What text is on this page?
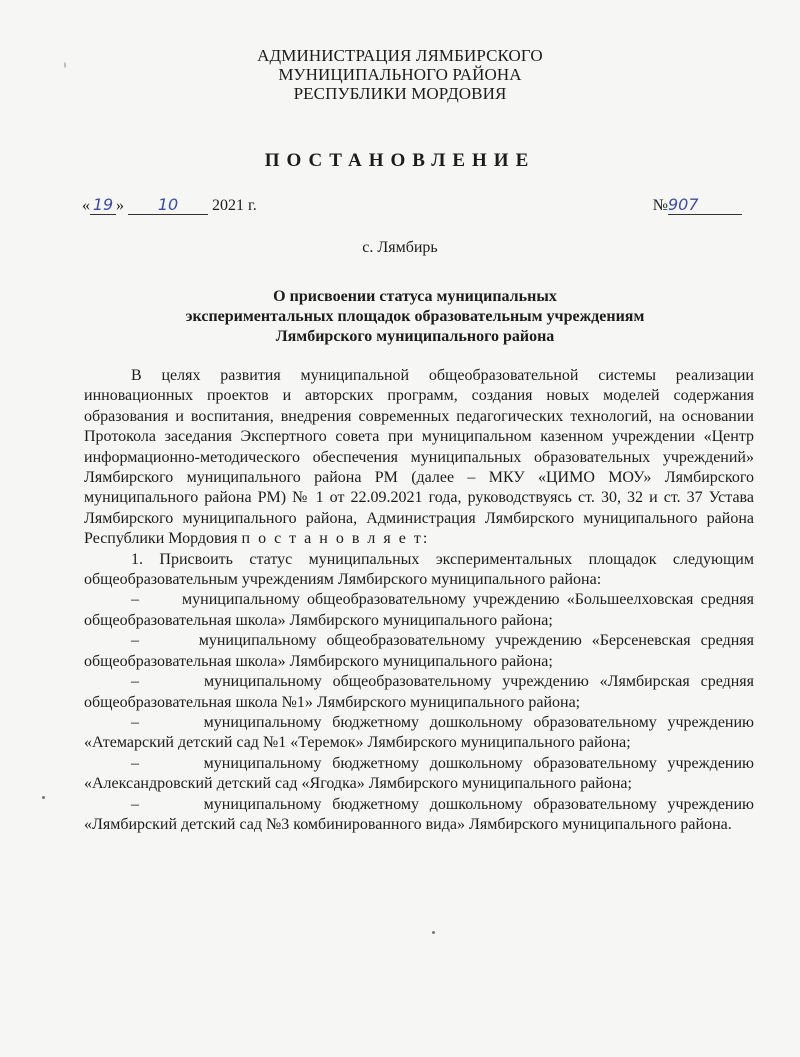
АДМИНИСТРАЦИЯ ЛЯМБИРСКОГО
МУНИЦИПАЛЬНОГО РАЙОНА
РЕСПУБЛИКИ МОРДОВИЯ
ПОСТАНОВЛЕНИЕ
« 19 » 10 2021 г.	№907
с. Лямбирь
О присвоении статуса муниципальных
экспериментальных площадок образовательным учреждениям
Лямбирского муниципального района

В целях развития муниципальной общеобразовательной системы реализации инновационных проектов и авторских программ, создания новых моделей содержания образования и воспитания, внедрения современных педагогических технологий, на основании Протокола заседания Экспертного совета при муниципальном казенном учреждении «Центр информационно-методического обеспечения муниципальных образовательных учреждений» Лямбирского муниципального района РМ (далее – МКУ «ЦИМО МОУ» Лямбирского муниципального района РМ) № 1 от 22.09.2021 года, руководствуясь ст. 30, 32 и ст. 37 Устава Лямбирского муниципального района, Администрация Лямбирского муниципального района Республики Мордовия п о с т а н о в л я е т:

1. Присвоить статус муниципальных экспериментальных площадок следующим общеобразовательным учреждениям Лямбирского муниципального района:

–      муниципальному общеобразовательному учреждению «Большеелховская средняя общеобразовательная школа» Лямбирского муниципального района;

–      муниципальному общеобразовательному учреждению «Берсеневская средняя общеобразовательная школа» Лямбирского муниципального района;

–      муниципальному общеобразовательному учреждению «Лямбирская средняя общеобразовательная школа №1» Лямбирского муниципального района;

–      муниципальному бюджетному дошкольному образовательному учреждению «Атемарский детский сад №1 «Теремок» Лямбирского муниципального района;

–      муниципальному бюджетному дошкольному образовательному учреждению «Александровский детский сад «Ягодка» Лямбирского муниципального района;

–      муниципальному бюджетному дошкольному образовательному учреждению «Лямбирский детский сад №3 комбинированного вида» Лямбирского муниципального района.
